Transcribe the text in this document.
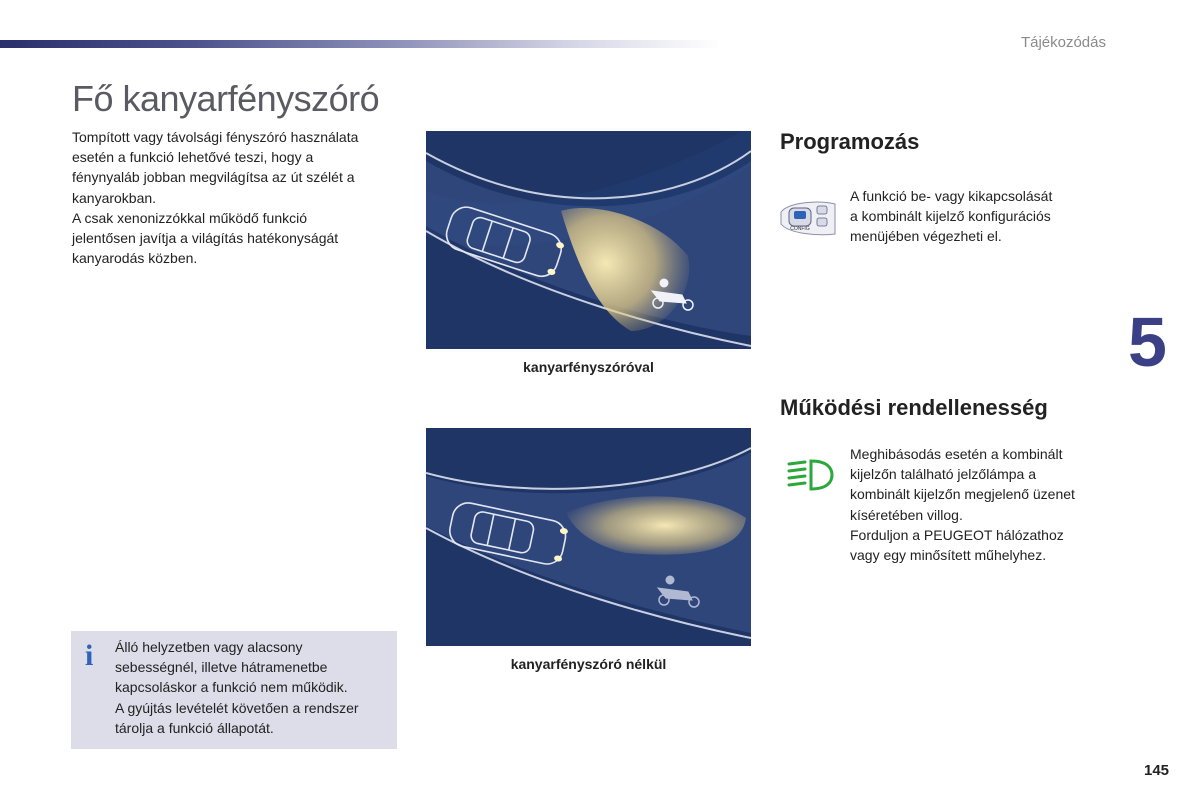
Tájékozódás
Fő kanyarfényszóró

Tompított vagy távolsági fényszóró használata

esetén a funkció lehetővé teszi, hogy a

fénynyaláb jobban megvilágítsa az út szélét a

kanyarokban.

A csak xenonizzókkal működő funkció

jelentősen javítja a világítás hatékonyságát

kanyarodás közben.

kanyarfényszóróval
kanyarfényszóró nélkül
Programozás
CONFIG

A funkció be- vagy kikapcsolását

a kombinált kijelző konfigurációs

menüjében végezheti el.

5
Működési rendellenesség

Meghibásodás esetén a kombinált

kijelzőn található jelzőlámpa a

kombinált kijelzőn megjelenő üzenet

kíséretében villog.

Forduljon a PEUGEOT hálózathoz

vagy egy minősített műhelyhez.

i Álló helyzetben vagy alacsony

sebességnél, illetve hátramenetbe

kapcsoláskor a funkció nem működik.

A gyújtás levételét követően a rendszer

tárolja a funkció állapotát.

145
